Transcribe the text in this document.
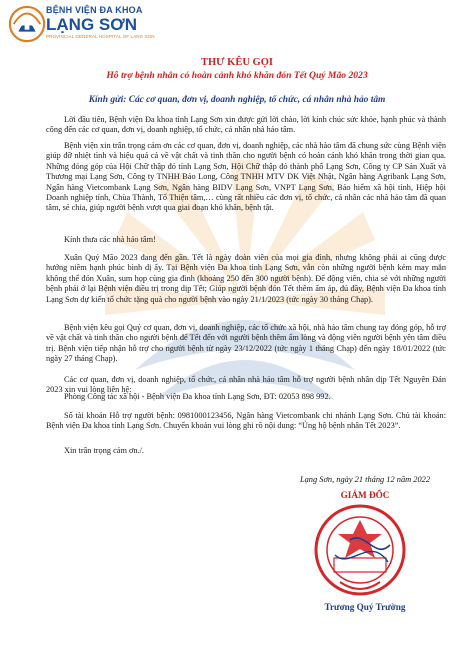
BỆNH VIỆN ĐA KHOA
LẠNG SƠN
PROVINCIAL GENERAL HOSPITAL OF LANG SON
THƯ KÊU GỌI
Hỗ trợ bệnh nhân có hoàn cảnh khó khăn đón Tết Quý Mão 2023
Kính gửi: Các cơ quan, đơn vị, doanh nghiệp, tổ chức, cá nhân nhà hảo tâm
Lời đầu tiên, Bệnh viện Đa khoa tỉnh Lạng Sơn xin được gửi lời chào, lời kính chúc sức khỏe, hạnh phúc và thành công đến các cơ quan, đơn vị, doanh nghiệp, tổ chức, cá nhân nhà hảo tâm.
Bệnh viện xin trân trọng cảm ơn các cơ quan, đơn vị, doanh nghiệp, các nhà hảo tâm đã chung sức cùng Bệnh viện giúp đỡ nhiệt tình và hiệu quả cả về vật chất và tinh thần cho người bệnh có hoàn cảnh khó khăn trong thời gian qua. Những đóng góp của Hội Chữ thập đỏ tỉnh Lạng Sơn, Hội Chữ thập đỏ thành phố Lạng Sơn, Công ty CP Sản Xuất và Thương mại Lạng Sơn, Công ty TNHH Bảo Long, Công TNHH MTV DK Việt Nhật, Ngân hàng Agribank Lạng Sơn, Ngân hàng Vietcombank Lạng Sơn, Ngân hàng BIDV Lạng Sơn, VNPT Lạng Sơn, Bảo hiểm xã hội tỉnh, Hiệp hội Doanh nghiệp tỉnh, Chùa Thành, Tổ Thiện tâm,… cùng rất nhiều các đơn vị, tổ chức, cá nhân các nhà hảo tâm đã quan tâm, sẻ chia, giúp người bệnh vượt qua giai đoạn khó khăn, bệnh tật.
Kính thưa các nhà hảo tâm!
Xuân Quý Mão 2023 đang đến gần. Tết là ngày đoàn viên của mọi gia đình, nhưng không phải ai cũng được hưởng niềm hạnh phúc bình dị ấy. Tại Bệnh viện Đa khoa tỉnh Lạng Sơn, vẫn còn những người bệnh kém may mắn không thể đón Xuân, sum họp cùng gia đình (khoảng 250 đến 300 người bệnh). Để động viên, chia sẻ với những người bệnh phải ở lại Bệnh viện điều trị trong dịp Tết; Giúp người bệnh đón Tết thêm ấm áp, đủ đầy, Bệnh viện Đa khoa tỉnh Lạng Sơn dự kiến tổ chức tặng quà cho người bệnh vào ngày 21/1/2023 (tức ngày 30 tháng Chạp).
Bệnh viện kêu gọi Quý cơ quan, đơn vị, doanh nghiệp, các tổ chức xã hội, nhà hảo tâm chung tay đóng góp, hỗ trợ về vật chất và tinh thần cho người bệnh để Tết đến với người bệnh thêm ấm lòng và động viên người bệnh yên tâm điều trị. Bệnh viện tiếp nhận hỗ trợ cho người bệnh từ ngày 23/12/2022 (tức ngày 1 tháng Chạp) đến ngày 18/01/2022 (tức ngày 27 tháng Chạp).
Các cơ quan, đơn vị, doanh nghiệp, tổ chức, cá nhân nhà hảo tâm hỗ trợ người bệnh nhân dịp Tết Nguyên Đán 2023 xin vui lòng liên hệ:
Phòng Công tác xã hội - Bệnh viện Đa khoa tỉnh Lạng Sơn, ĐT: 02053 898 992.
Số tài khoản Hỗ trợ người bệnh: 0981000123456, Ngân hàng Vietcombank chi nhánh Lạng Sơn. Chủ tài khoản: Bệnh viện Đa khoa tỉnh Lạng Sơn. Chuyển khoản vui lòng ghi rõ nội dung: “Ủng hộ bệnh nhân Tết 2023”.
Xin trân trọng cảm ơn./.
Lạng Sơn, ngày 21 tháng 12 năm 2022
GIÁM ĐỐC
Trương Quý Trường
